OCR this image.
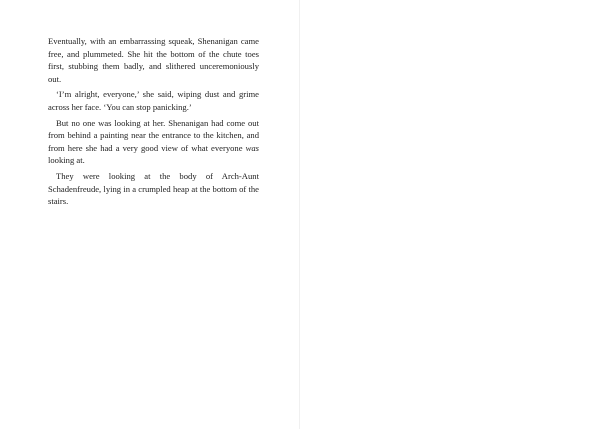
Eventually, with an embarrassing squeak, Shenanigan came free, and plummeted. She hit the bottom of the chute toes first, stubbing them badly, and slithered unceremoniously out.

‘I’m alright, everyone,’ she said, wiping dust and grime across her face. ‘You can stop panicking.’

But no one was looking at her. Shenanigan had come out from behind a painting near the entrance to the kitchen, and from here she had a very good view of what everyone was looking at.

They were looking at the body of Arch-Aunt Schadenfreude, lying in a crumpled heap at the bottom of the stairs.
